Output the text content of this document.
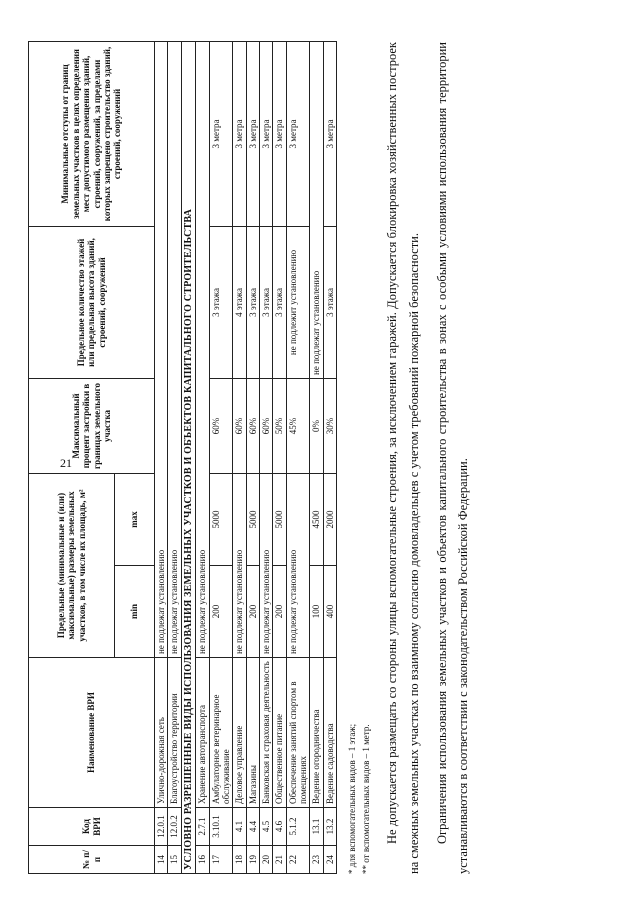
21
№ п/п	Код ВРИ	Наименование ВРИ	Предельные (минимальные и (или) максимальные) размеры земельных участков, в том числе их площадь, м²		Максимальный процент застройки в границах земельного участка	Предельное количество этажей или предельная высота зданий, строений, сооружений	Минимальные отступы от границ земельных участков в целях определения мест допустимого размещения зданий, строений, сооружений, за пределами которых запрещено строительство зданий, строений, сооружений
			min	max			
14	12.0.1	Улично-дорожная сеть	не подлежат установлению				
15	12.0.2	Благоустройство территории	не подлежат установлению				
УСЛОВНО РАЗРЕШЕННЫЕ ВИДЫ ИСПОЛЬЗОВАНИЯ ЗЕМЕЛЬНЫХ УЧАСТКОВ И ОБЪЕКТОВ КАПИТАЛЬНОГО СТРОИТЕЛЬСТВА							
16	2.7.1	Хранение автотранспорта	не подлежат установлению				
17	3.10.1	Амбулаторное ветеринарное обслуживание	200	5000	60%	3 этажа	3 метра
18	4.1	Деловое управление	не подлежат установлению		60%	4 этажа	3 метра
19	4.4	Магазины	200	5000	60%	3 этажа	3 метра
20	4.5	Банковская и страховая деятельность	не подлежат установлению		60%	3 этажа	3 метра
21	4.6	Общественное питание	200	5000	50%	3 этажа	3 метра
22	5.1.2	Обеспечение занятий спортом в помещениях	не подлежат установлению		45%	не подлежит установлению	3 метра
23	13.1	Ведение огородничества	100	4500	0%	не подлежат установлению	
24	13.2	Ведение садоводства	400	2000	30%	3 этажа	3 метра
* для вспомогательных видов – 1 этаж; ** от вспомогательных видов – 1 метр. Не допускается размещать со стороны улицы вспомогательные строения, за исключением гаражей. Допускается блокировка хозяйственных построек на смежных земельных участках по взаимному согласию домовладельцев с учетом требований пожарной безопасности.	Ограничения использования земельных участков и объектов капитального строительства в зонах с особыми условиями использования территории устанавливаются в соответствии с законодательством Российской Федерации.
